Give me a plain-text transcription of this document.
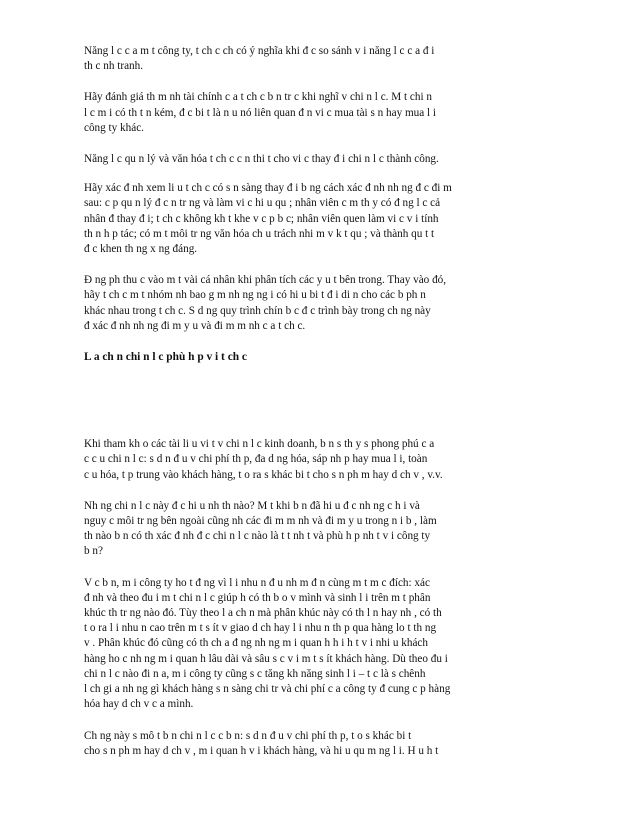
Năng l c c a m t công ty, t ch c ch có ý nghĩa khi đ c so sánh v i năng l c c a đ i
th c nh tranh.
Hãy đánh giá th m nh tài chính c a t ch c b n tr c khi nghĩ v chi n l c. M t chi n
l c m i có th t n kém, đ c bi t là n u nó liên quan đ n vi c mua tài s n hay mua l i
công ty khác.
Năng l c qu n lý và văn hóa t ch c c n thi t cho vi c thay đ i chi n l c thành công.
Hãy xác đ nh xem li u t ch c có s n sàng thay đ i b ng cách xác đ nh nh ng đ c đi m
sau: c p qu n lý đ c n tr ng và làm vi c hi u qu ; nhân viên c m th y có đ ng l c cả
nhân đ thay đ i; t ch c không kh t khe v c p b c; nhân viên quen làm vi c v i tính
th n h p tác; có m t môi tr ng văn hóa ch u trách nhi m v k t qu ; và thành qu t t
đ c khen th ng x ng đáng.
Đ ng ph thu c vào m t vài cá nhân khi phân tích các y u t bên trong. Thay vào đó,
hãy t ch c m t nhóm nh bao g m nh ng ng i có hi u bi t đ i di n cho các b ph n
khác nhau trong t ch c. S d ng quy trình chín b c đ c trình bày trong ch ng này
đ xác đ nh nh ng đi m y u và đi m m nh c a t ch c.
L a ch n chi n l c phù h p v i t ch c
Khi tham kh o các tài li u vi t v chi n l c kinh doanh, b n s th y s phong phú c a
c c u chi n l c: s d n đ u v chi phí th p, đa d ng hóa, sáp nh p hay mua l i, toàn
c u hóa, t p trung vào khách hàng, t o ra s khác bi t cho s n ph m hay d ch v , v.v.
Nh ng chi n l c này đ c hi u nh th nào? M t khi b n đã hi u đ c nh ng c h i và
nguy c môi tr ng bên ngoài cũng nh các đi m m nh và đi m y u trong n i b , làm
th nào b n có th xác đ nh đ c chi n l c nào là t t nh t và phù h p nh t v i công ty
b n?
V c b n, m i công ty ho t đ ng vì l i nhu n đ u nh m đ n cùng m t m c đích: xác
đ nh và theo đu i m t chi n l c giúp h có th b o v mình và sinh l i trên m t phân
khúc th tr ng nào đó. Tùy theo l a ch n mà phân khúc này có th l n hay nh , có th
t o ra l i nhu n cao trên m t s ít v giao d ch hay l i nhu n th p qua hàng lo t th ng
v . Phân khúc đó cũng có th ch a đ ng nh ng m i quan h h i h t v i nhi u khách
hàng ho c nh ng m i quan h lâu dài và sâu s c v i m t s ít khách hàng. Dù theo đu i
chi n l c nào đi n a, m i công ty cũng s c tăng kh năng sinh l i – t c là s chênh
l ch gi a nh ng gì khách hàng s n sàng chi tr và chi phí c a công ty đ cung c p hàng
hóa hay d ch v c a mình.
Ch ng này s mô t b n chi n l c c b n: s d n đ u v chi phí th p, t o s khác bi t
cho s n ph m hay d ch v , m i quan h v i khách hàng, và hi u qu m ng l i. H u h t
